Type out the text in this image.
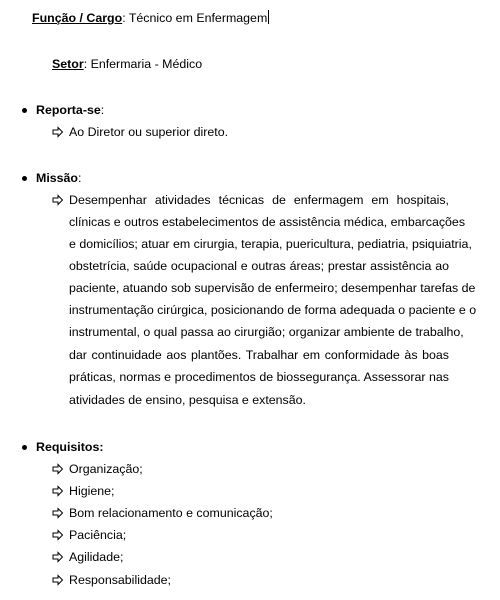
Função / Cargo: Técnico em Enfermagem
Setor: Enfermaria - Médico
Reporta-se:
Ao Diretor ou superior direto.
Missão:
Desempenhar atividades técnicas de enfermagem em hospitais,
clínicas e outros estabelecimentos de assistência médica, embarcações
e domicílios; atuar em cirurgia, terapia, puericultura, pediatria, psiquiatria,
obstetrícia, saúde ocupacional e outras áreas; prestar assistência ao
paciente, atuando sob supervisão de enfermeiro; desempenhar tarefas de
instrumentação cirúrgica, posicionando de forma adequada o paciente e o
instrumental, o qual passa ao cirurgião; organizar ambiente de trabalho,
dar continuidade aos plantões. Trabalhar em conformidade às boas
práticas, normas e procedimentos de biossegurança. Assessorar nas
atividades de ensino, pesquisa e extensão.
Requisitos:
Organização;
Higiene;
Bom relacionamento e comunicação;
Paciência;
Agilidade;
Responsabilidade;
